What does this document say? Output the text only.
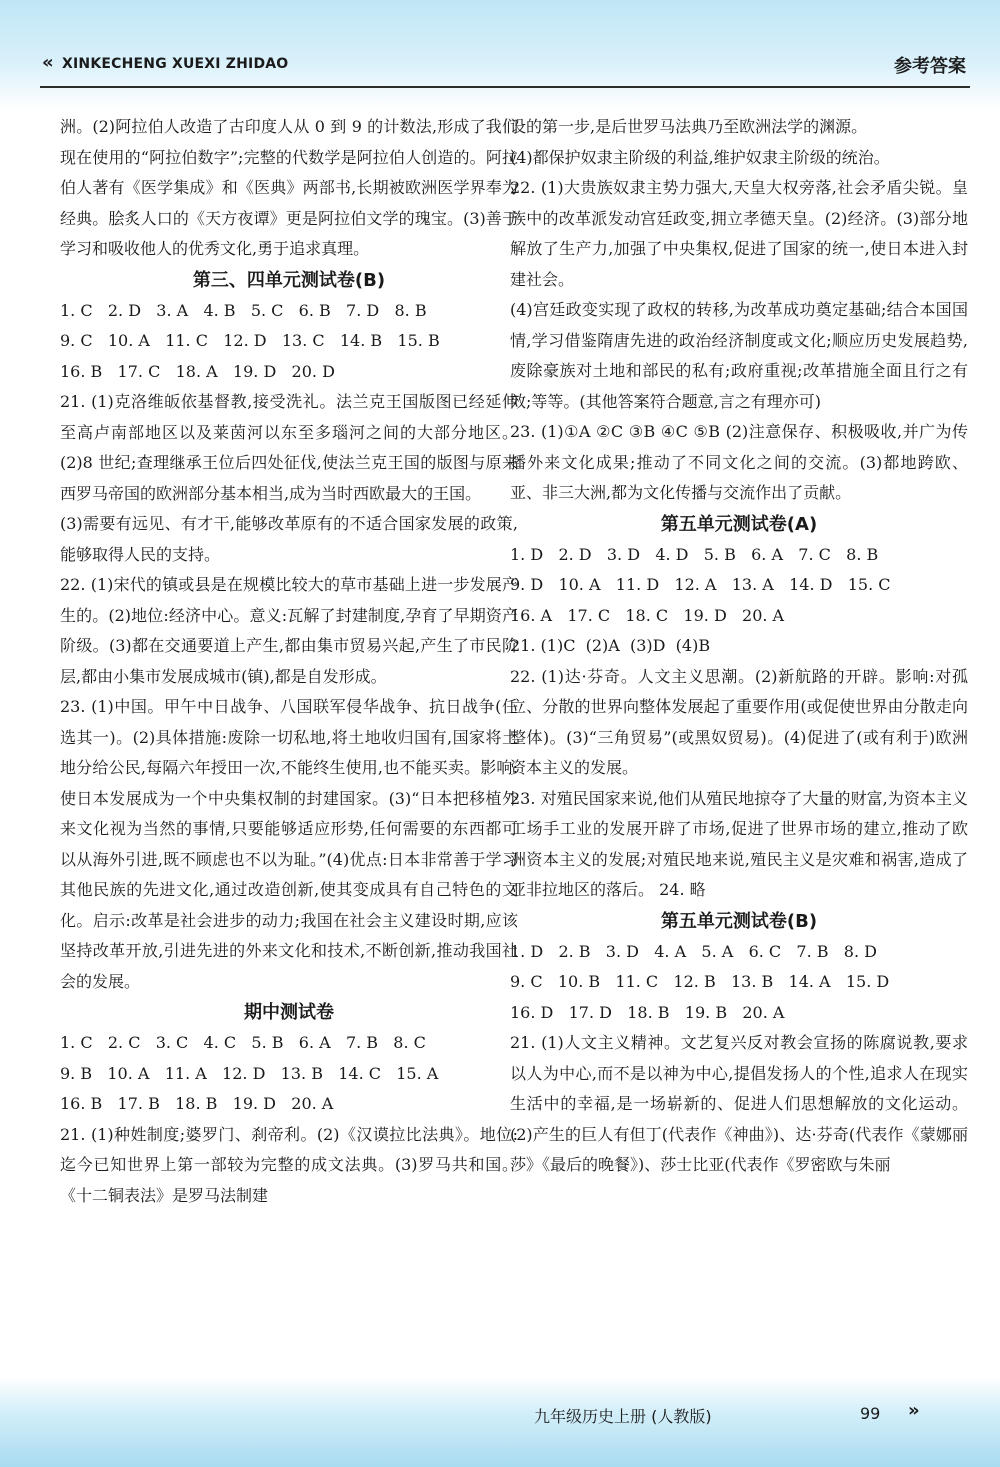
« XINKECHENG XUEXI ZHIDAO	参考答案

洲。(2)阿拉伯人改造了古印度人从 0 到 9 的计数法,形成了我们现在使用的“阿拉伯数字”;完整的代数学是阿拉伯人创造的。阿拉伯人著有《医学集成》和《医典》两部书,长期被欧洲医学界奉为经典。脍炙人口的《天方夜谭》更是阿拉伯文学的瑰宝。(3)善于学习和吸收他人的优秀文化,勇于追求真理。

第三、四单元测试卷(B)

1. C   2. D   3. A   4. B   5. C   6. B   7. D   8. B

9. C   10. A   11. C   12. D   13. C   14. B   15. B

16. B   17. C   18. A   19. D   20. D

21. (1)克洛维皈依基督教,接受洗礼。法兰克王国版图已经延伸至高卢南部地区以及莱茵河以东至多瑙河之间的大部分地区。(2)8 世纪;查理继承王位后四处征伐,使法兰克王国的版图与原来西罗马帝国的欧洲部分基本相当,成为当时西欧最大的王国。

(3)需要有远见、有才干,能够改革原有的不适合国家发展的政策,能够取得人民的支持。

22. (1)宋代的镇或县是在规模比较大的草市基础上进一步发展产生的。(2)地位:经济中心。意义:瓦解了封建制度,孕育了早期资产阶级。(3)都在交通要道上产生,都由集市贸易兴起,产生了市民阶层,都由小集市发展成城市(镇),都是自发形成。

23. (1)中国。甲午中日战争、八国联军侵华战争、抗日战争(任选其一)。(2)具体措施:废除一切私地,将土地收归国有,国家将土地分给公民,每隔六年授田一次,不能终生使用,也不能买卖。影响:使日本发展成为一个中央集权制的封建国家。(3)“日本把移植外来文化视为当然的事情,只要能够适应形势,任何需要的东西都可以从海外引进,既不顾虑也不以为耻。”(4)优点:日本非常善于学习其他民族的先进文化,通过改造创新,使其变成具有自己特色的文化。启示:改革是社会进步的动力;我国在社会主义建设时期,应该坚持改革开放,引进先进的外来文化和技术,不断创新,推动我国社会的发展。

期中测试卷

1. C   2. C   3. C   4. C   5. B   6. A   7. B   8. C

9. B   10. A   11. A   12. D   13. B   14. C   15. A

16. B   17. B   18. B   19. D   20. A

21. (1)种姓制度;婆罗门、刹帝利。(2)《汉谟拉比法典》。地位:迄今已知世界上第一部较为完整的成文法典。(3)罗马共和国。《十二铜表法》是罗马法制建

设的第一步,是后世罗马法典乃至欧洲法学的渊源。

(4)都保护奴隶主阶级的利益,维护奴隶主阶级的统治。

22. (1)大贵族奴隶主势力强大,天皇大权旁落,社会矛盾尖锐。皇族中的改革派发动宫廷政变,拥立孝德天皇。(2)经济。(3)部分地解放了生产力,加强了中央集权,促进了国家的统一,使日本进入封建社会。

(4)宫廷政变实现了政权的转移,为改革成功奠定基础;结合本国国情,学习借鉴隋唐先进的政治经济制度或文化;顺应历史发展趋势,废除豪族对土地和部民的私有;政府重视;改革措施全面且行之有效;等等。(其他答案符合题意,言之有理亦可)

23. (1)①A ②C ③B ④C ⑤B (2)注意保存、积极吸收,并广为传播外来文化成果;推动了不同文化之间的交流。(3)都地跨欧、亚、非三大洲,都为文化传播与交流作出了贡献。

第五单元测试卷(A)

1. D   2. D   3. D   4. D   5. B   6. A   7. C   8. B

9. D   10. A   11. D   12. A   13. A   14. D   15. C

16. A   17. C   18. C   19. D   20. A

21. (1)C  (2)A  (3)D  (4)B

22. (1)达·芬奇。人文主义思潮。(2)新航路的开辟。影响:对孤立、分散的世界向整体发展起了重要作用(或促使世界由分散走向整体)。(3)“三角贸易”(或黑奴贸易)。(4)促进了(或有利于)欧洲资本主义的发展。

23. 对殖民国家来说,他们从殖民地掠夺了大量的财富,为资本主义工场手工业的发展开辟了市场,促进了世界市场的建立,推动了欧洲资本主义的发展;对殖民地来说,殖民主义是灾难和祸害,造成了亚非拉地区的落后。 24. 略

第五单元测试卷(B)

1. D   2. B   3. D   4. A   5. A   6. C   7. B   8. D

9. C   10. B   11. C   12. B   13. B   14. A   15. D

16. D   17. D   18. B   19. B   20. A

21. (1)人文主义精神。文艺复兴反对教会宣扬的陈腐说教,要求以人为中心,而不是以神为中心,提倡发扬人的个性,追求人在现实生活中的幸福,是一场崭新的、促进人们思想解放的文化运动。(2)产生的巨人有但丁(代表作《神曲》)、达·芬奇(代表作《蒙娜丽莎》《最后的晚餐》)、莎士比亚(代表作《罗密欧与朱丽

九年级历史上册 (人教版)	99 »
